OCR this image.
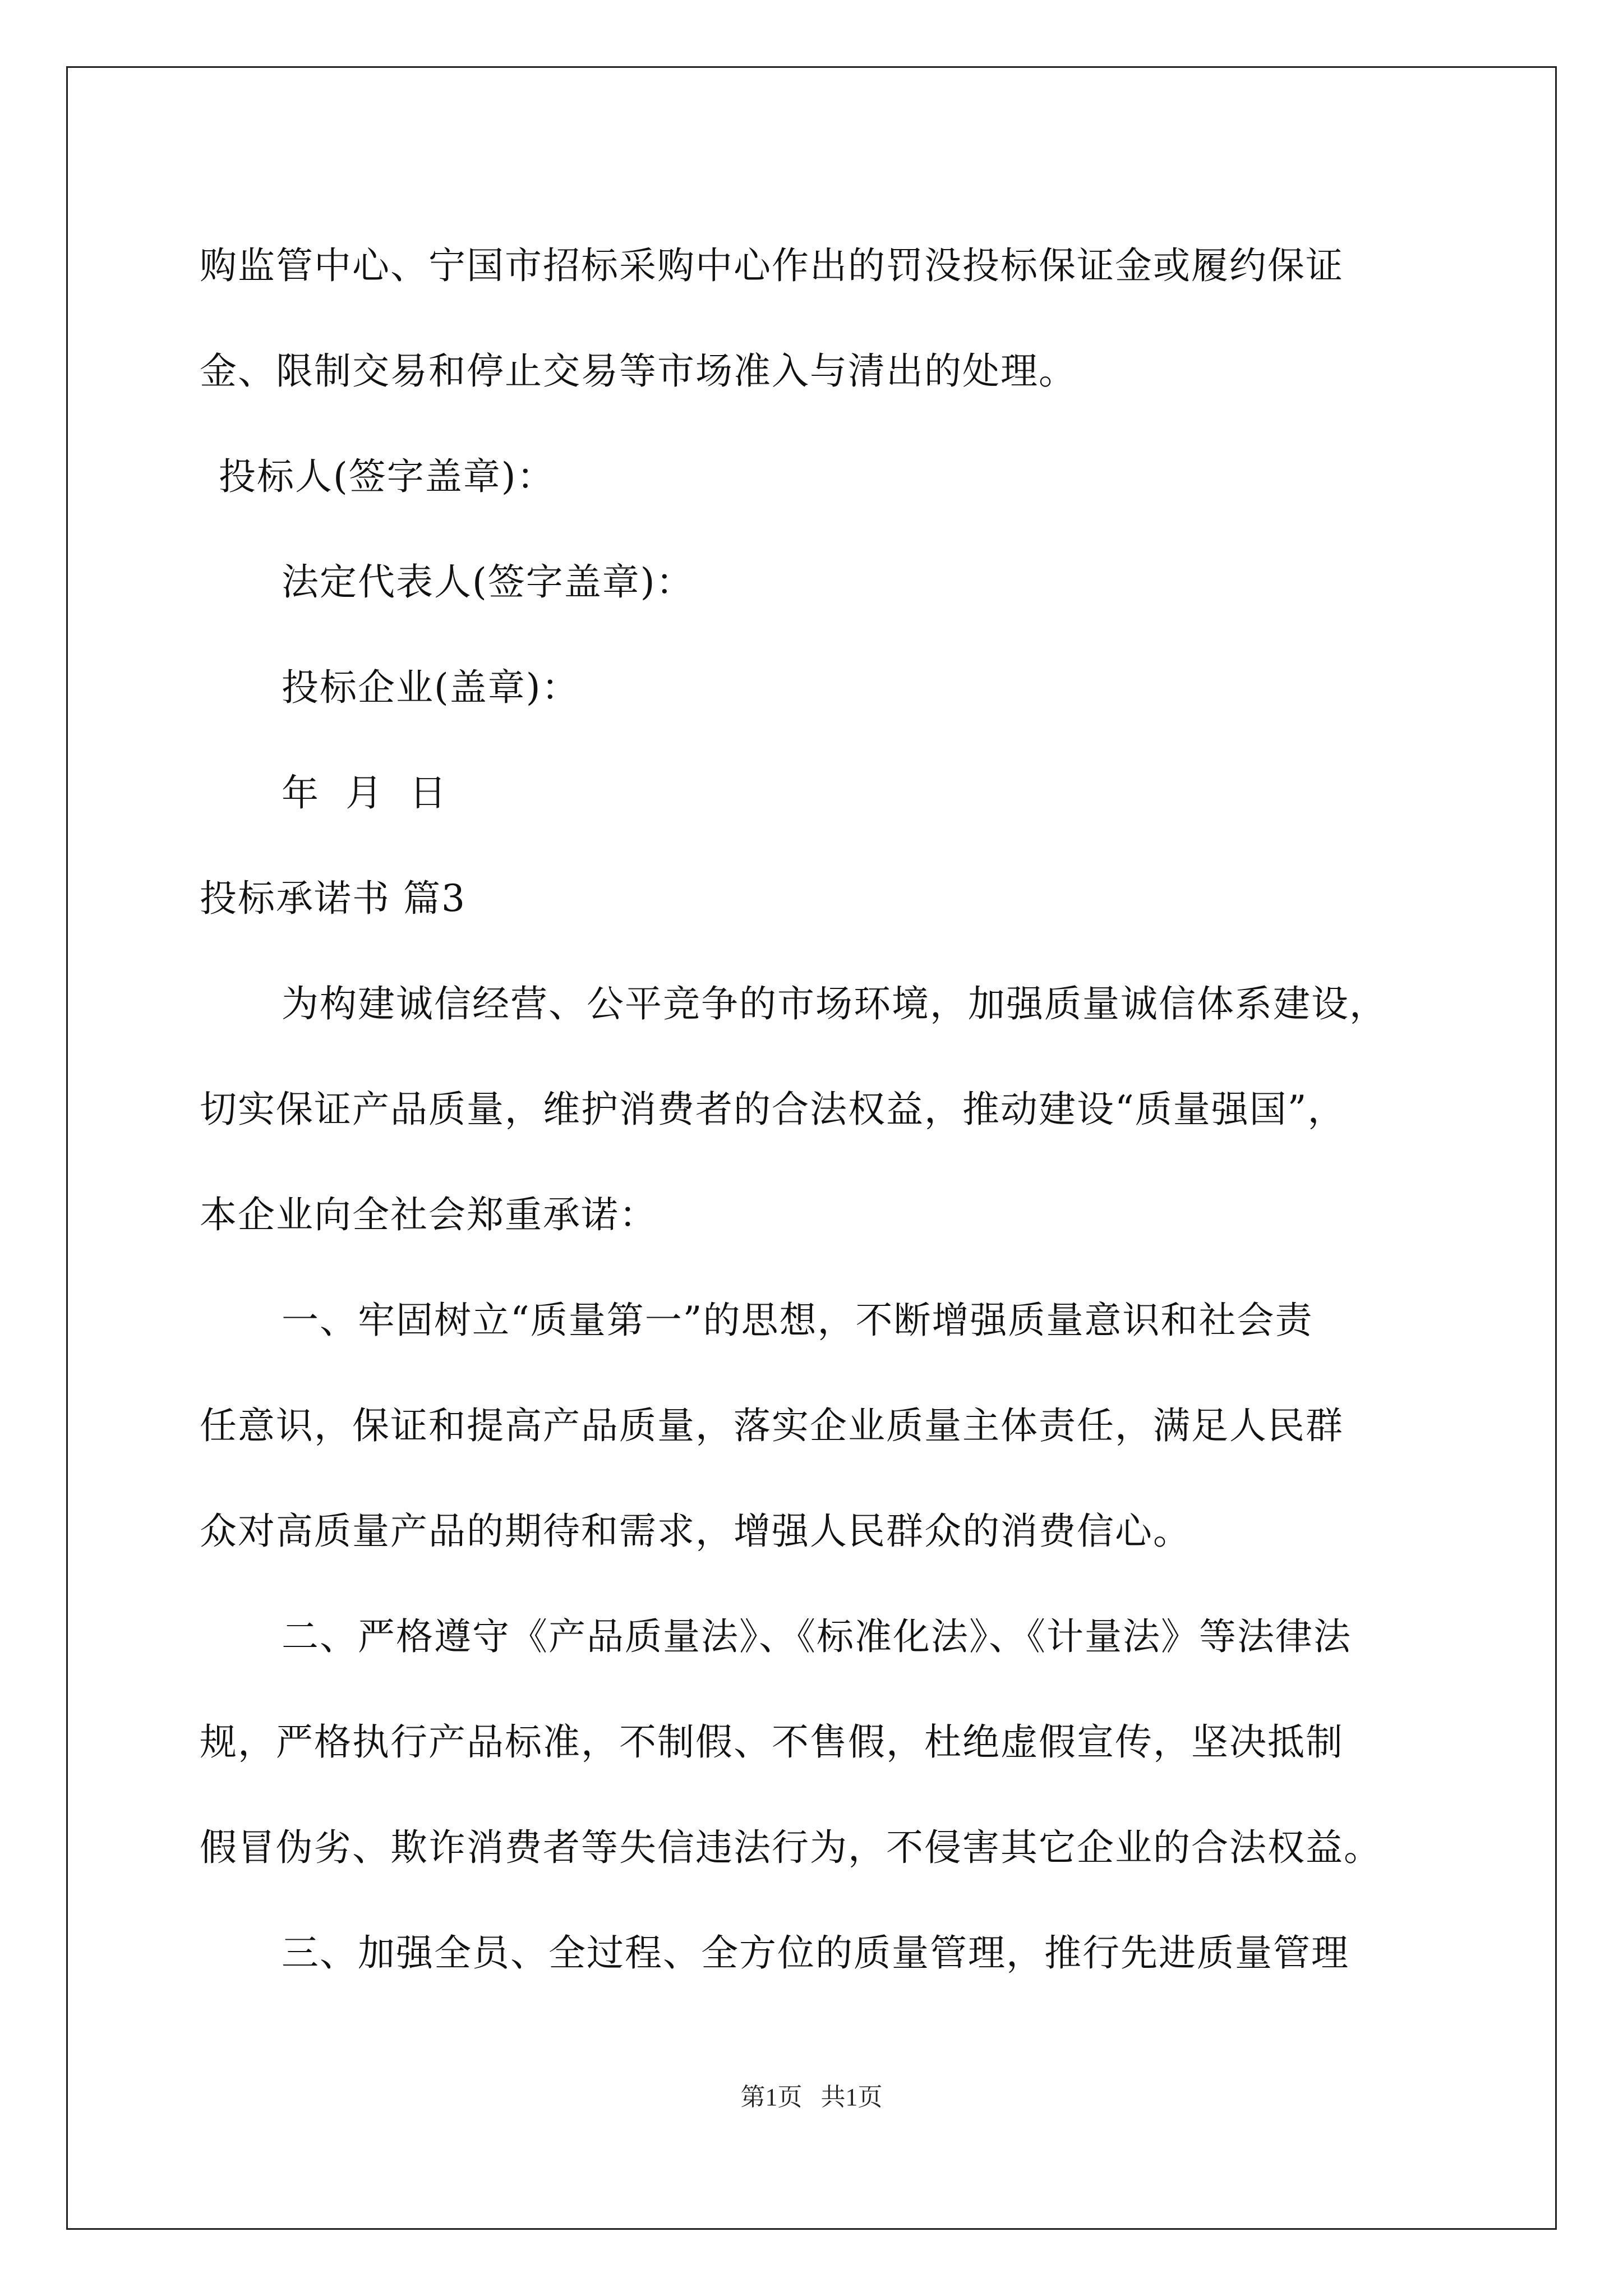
购监管中心、宁国市招标采购中心作出的罚没投标保证金或履约保证
金、限制交易和停止交易等市场准入与清出的处理。
投标人(签字盖章)：
法定代表人(签字盖章)：
投标企业(盖章)：
年  月  日
投标承诺书 篇3
为构建诚信经营、公平竞争的市场环境，加强质量诚信体系建设，
切实保证产品质量，维护消费者的合法权益，推动建设“质量强国”，
本企业向全社会郑重承诺：
一、牢固树立“质量第一”的思想，不断增强质量意识和社会责
任意识，保证和提高产品质量，落实企业质量主体责任，满足人民群
众对高质量产品的期待和需求，增强人民群众的消费信心。
二、严格遵守《产品质量法》、《标准化法》、《计量法》等法律法
规，严格执行产品标准，不制假、不售假，杜绝虚假宣传，坚决抵制
假冒伪劣、欺诈消费者等失信违法行为，不侵害其它企业的合法权益。
三、加强全员、全过程、全方位的质量管理，推行先进质量管理
第1页   共1页
